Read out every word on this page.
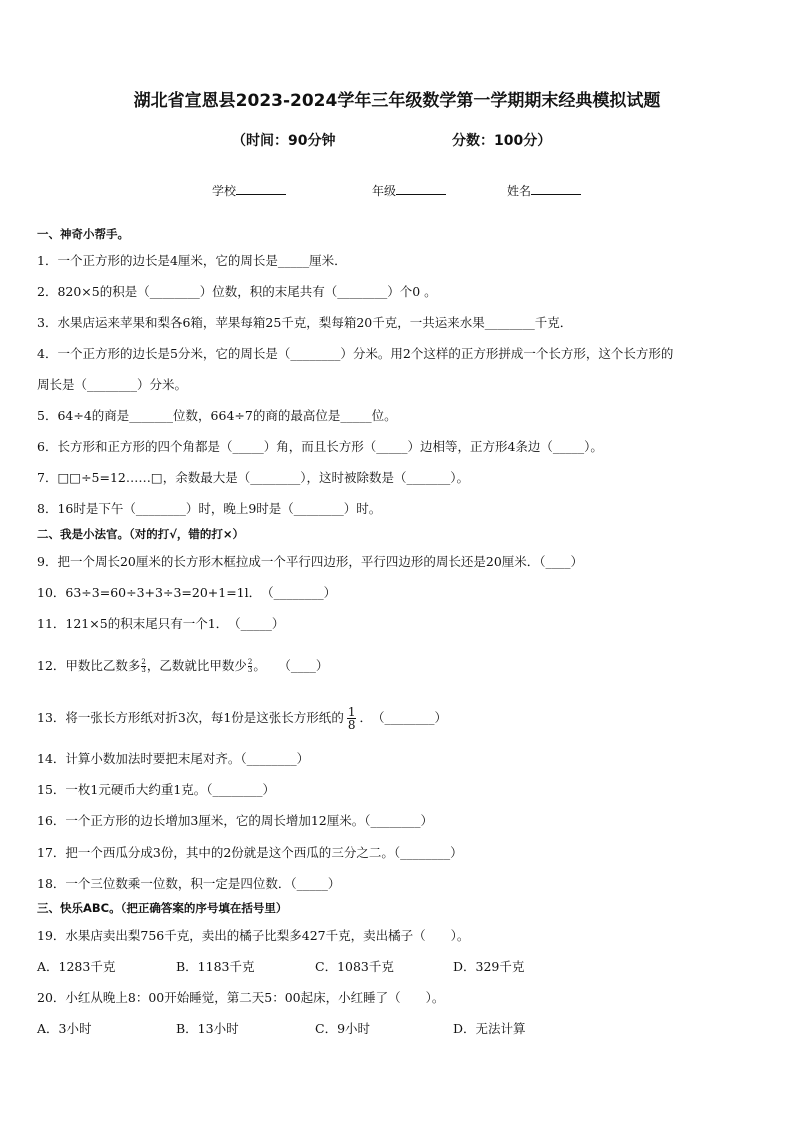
湖北省宣恩县2023-2024学年三年级数学第一学期期末经典模拟试题
（时间：90分钟	分数：100分）
学校	年级	姓名
一、神奇小帮手。
1．一个正方形的边长是4厘米，它的周长是_____厘米．
2．820×5的积是（________）位数，积的末尾共有（________）个0 。
3．水果店运来苹果和梨各6箱，苹果每箱25千克，梨每箱20千克，一共运来水果________千克．
4．一个正方形的边长是5分米，它的周长是（________）分米。用2个这样的正方形拼成一个长方形，这个长方形的
周长是（________）分米。
5．64÷4的商是_______位数，664÷7的商的最高位是_____位。
6．长方形和正方形的四个角都是（_____）角，而且长方形（_____）边相等，正方形4条边（_____）。
7．□□÷5=12……□，余数最大是（________），这时被除数是（_______）。
8．16时是下午（________）时，晚上9时是（________）时。
二、我是小法官。（对的打√，错的打×）
9．把一个周长20厘米的长方形木框拉成一个平行四边形，平行四边形的周长还是20厘米．（____）
10．63÷3=60÷3+3÷3=20+1=1l．　（________）
11．121×5的积末尾只有一个1．　（_____）
12．甲数比乙数多 $\frac{2}{3}$ ，乙数就比甲数少 $\frac{2}{3}$ 。　　（____）
13．将一张长方形纸对折3次，每1份是这张长方形纸的 $\frac{1}{8}$ ．　（________）
14．计算小数加法时要把末尾对齐。（________）
15．一枚1元硬币大约重1克。（________）
16．一个正方形的边长增加3厘米，它的周长增加12厘米。（________）
17．把一个西瓜分成3份，其中的2份就是这个西瓜的三分之二。（________）
18．一个三位数乘一位数，积一定是四位数．（_____）
三、快乐ABC。（把正确答案的序号填在括号里）
19．水果店卖出梨756千克，卖出的橘子比梨多427千克，卖出橘子（　　）。
A．1283千克	B．1183千克	C．1083千克	D．329千克
20．小红从晚上8：00开始睡觉，第二天5：00起床，小红睡了（　　）。
A．3小时	B．13小时	C．9小时	D．无法计算
